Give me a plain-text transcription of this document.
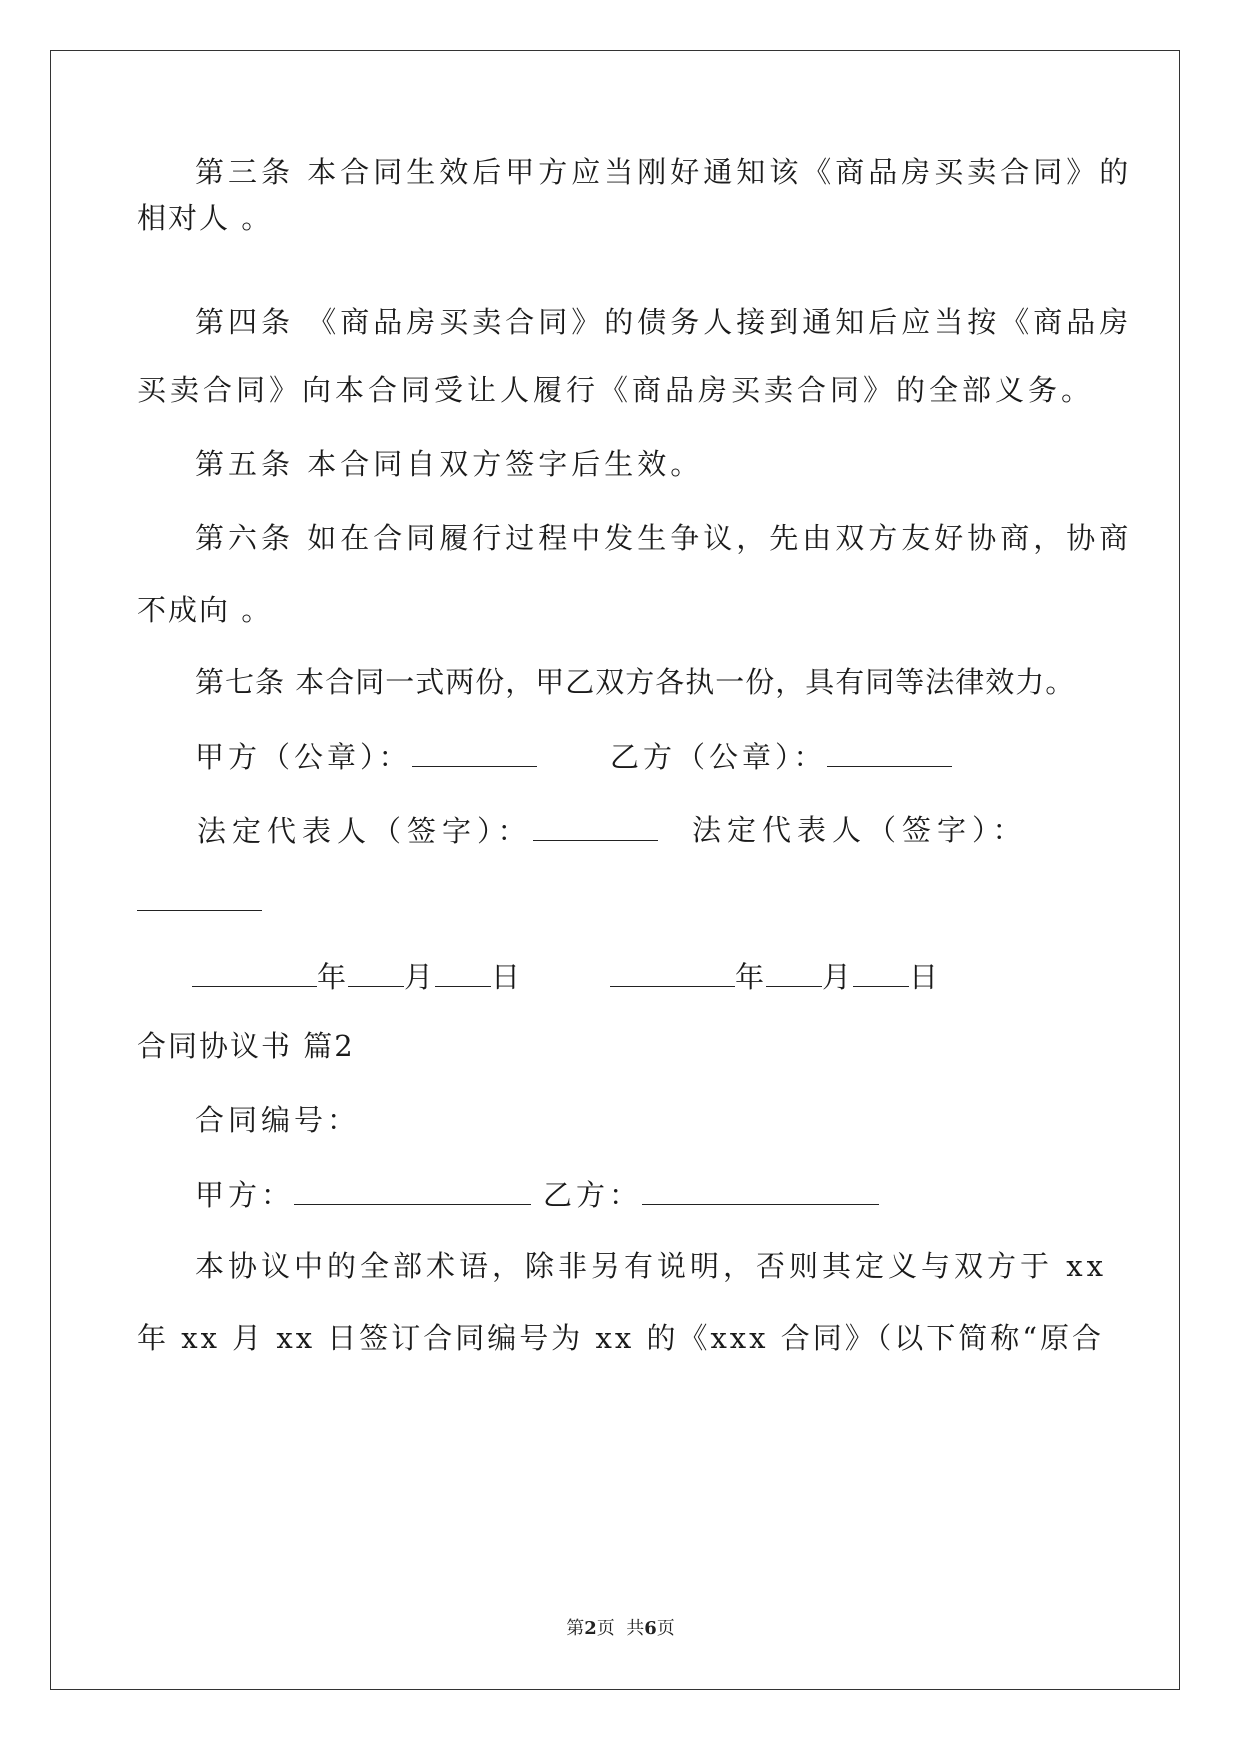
第三条 本合同生效后甲方应当刚好通知该《商品房买卖合同》的
相对人 。
第四条 《商品房买卖合同》的债务人接到通知后应当按《商品房
买卖合同》向本合同受让人履行《商品房买卖合同》的全部义务。
第五条 本合同自双方签字后生效。
第六条 如在合同履行过程中发生争议，先由双方友好协商，协商
不成向 。
第七条 本合同一式两份，甲乙双方各执一份，具有同等法律效力。
甲方（公章）：	乙方（公章）：
法定代表人（签字）：	法定代表人（签字）：
年 月 日	年 月 日
合同协议书 篇2
合同编号：
甲方：	乙方：
本协议中的全部术语，除非另有说明，否则其定义与双方于 xx
年 xx 月 xx 日签订合同编号为 xx 的《xxx 合同》（以下简称“原合
第2页  共6页
